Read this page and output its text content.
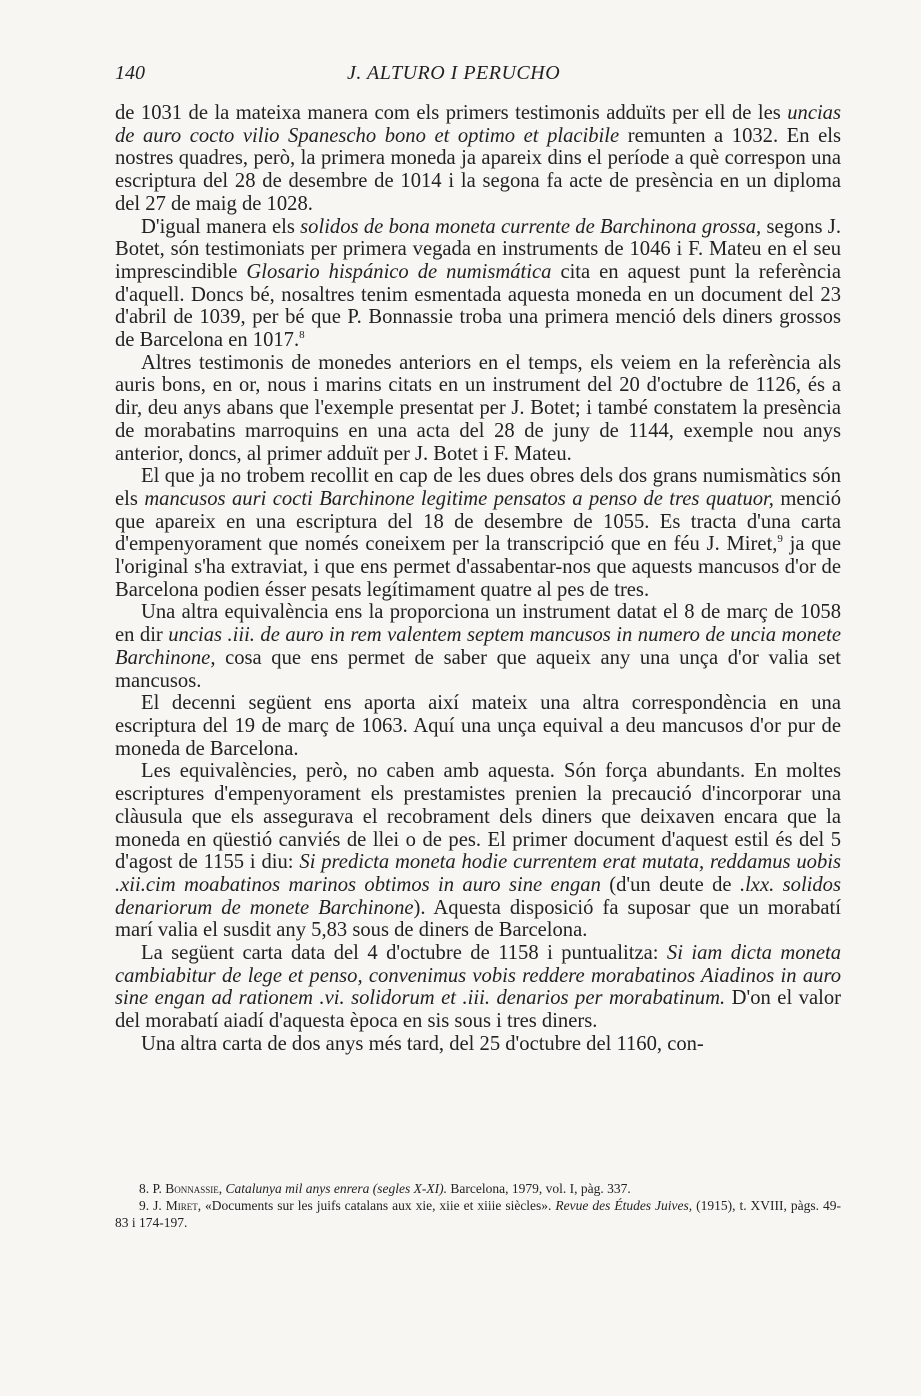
140	J. ALTURO I PERUCHO

de 1031 de la mateixa manera com els primers testimonis adduïts per ell de les uncias de auro cocto vilio Spanescho bono et optimo et placibile remunten a 1032. En els nostres quadres, però, la primera moneda ja apareix dins el període a què correspon una escriptura del 28 de desembre de 1014 i la segona fa acte de presència en un diploma del 27 de maig de 1028.

D'igual manera els solidos de bona moneta currente de Barchinona grossa, segons J. Botet, són testimoniats per primera vegada en instruments de 1046 i F. Mateu en el seu imprescindible Glosario hispánico de numismática cita en aquest punt la referència d'aquell. Doncs bé, nosaltres tenim esmentada aquesta moneda en un document del 23 d'abril de 1039, per bé que P. Bonnassie troba una primera menció dels diners grossos de Barcelona en 1017.$^8$

Altres testimonis de monedes anteriors en el temps, els veiem en la referència als auris bons, en or, nous i marins citats en un instrument del 20 d'octubre de 1126, és a dir, deu anys abans que l'exemple presentat per J. Botet; i també constatem la presència de morabatins marroquins en una acta del 28 de juny de 1144, exemple nou anys anterior, doncs, al primer adduït per J. Botet i F. Mateu.

El que ja no trobem recollit en cap de les dues obres dels dos grans numismàtics són els mancusos auri cocti Barchinone legitime pensatos a penso de tres quatuor, menció que apareix en una escriptura del 18 de desembre de 1055. Es tracta d'una carta d'empenyorament que només coneixem per la transcripció que en féu J. Miret,$^9$ ja que l'original s'ha extraviat, i que ens permet d'assabentar-nos que aquests mancusos d'or de Barcelona podien ésser pesats legítimament quatre al pes de tres.

Una altra equivalència ens la proporciona un instrument datat el 8 de març de 1058 en dir uncias .iii. de auro in rem valentem septem mancusos in numero de uncia monete Barchinone, cosa que ens permet de saber que aqueix any una unça d'or valia set mancusos.

El decenni següent ens aporta així mateix una altra correspondència en una escriptura del 19 de març de 1063. Aquí una unça equival a deu mancusos d'or pur de moneda de Barcelona.

Les equivalències, però, no caben amb aquesta. Són força abundants. En moltes escriptures d'empenyorament els prestamistes prenien la precaució d'incorporar una clàusula que els assegurava el recobrament dels diners que deixaven encara que la moneda en qüestió canviés de llei o de pes. El primer document d'aquest estil és del 5 d'agost de 1155 i diu: Si predicta moneta hodie currentem erat mutata, reddamus uobis .xii.cim moabatinos marinos obtimos in auro sine engan (d'un deute de .lxx. solidos denariorum de monete Barchinone). Aquesta disposició fa suposar que un morabatí marí valia el susdit any 5,83 sous de diners de Barcelona.

La següent carta data del 4 d'octubre de 1158 i puntualitza: Si iam dicta moneta cambiabitur de lege et penso, convenimus vobis reddere morabatinos Aiadinos in auro sine engan ad rationem .vi. solidorum et .iii. denarios per morabatinum. D'on el valor del morabatí aiadí d'aquesta època en sis sous i tres diners.

Una altra carta de dos anys més tard, del 25 d'octubre del 1160, con-

8. P. Bonnassie, Catalunya mil anys enrera (segles X-XI). Barcelona, 1979, vol. I, pàg. 337.

9. J. Miret, «Documents sur les juifs catalans aux xie, xiie et xiiie siècles». Revue des Études Juives, (1915), t. XVIII, pàgs. 49-83 i 174-197.
